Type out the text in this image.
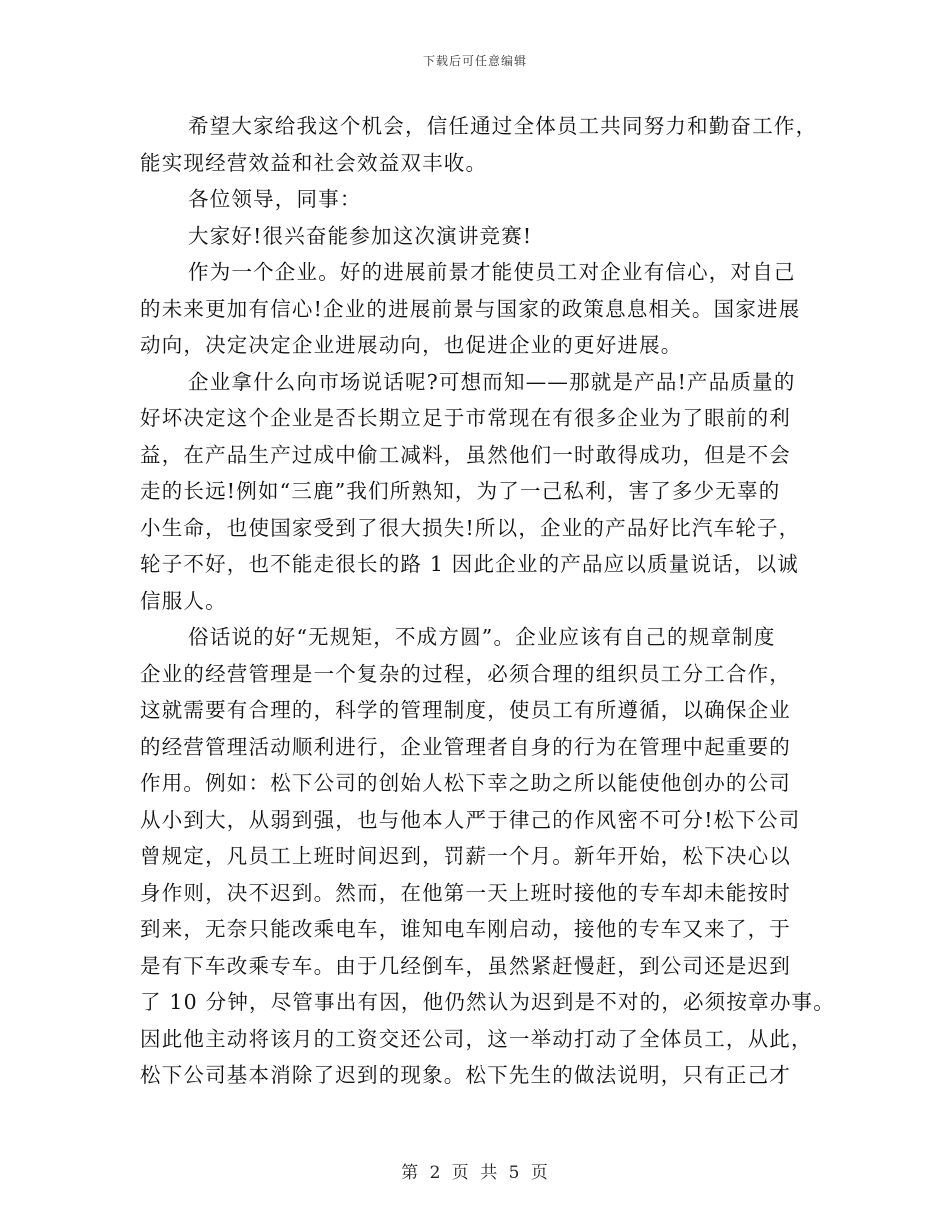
下载后可任意编辑
希望大家给我这个机会，信任通过全体员工共同努力和勤奋工作，
能实现经营效益和社会效益双丰收。
各位领导，同事：
大家好!很兴奋能参加这次演讲竞赛!
作为一个企业。好的进展前景才能使员工对企业有信心，对自己
的未来更加有信心!企业的进展前景与国家的政策息息相关。国家进展
动向，决定决定企业进展动向，也促进企业的更好进展。
企业拿什么向市场说话呢?可想而知——那就是产品!产品质量的
好坏决定这个企业是否长期立足于市常现在有很多企业为了眼前的利
益，在产品生产过成中偷工减料，虽然他们一时敢得成功，但是不会
走的长远!例如“三鹿”我们所熟知，为了一己私利，害了多少无辜的
小生命，也使国家受到了很大损失!所以，企业的产品好比汽车轮子，
轮子不好，也不能走很长的路 1 因此企业的产品应以质量说话，以诚
信服人。
俗话说的好“无规矩，不成方圆”。企业应该有自己的规章制度
企业的经营管理是一个复杂的过程，必须合理的组织员工分工合作，
这就需要有合理的，科学的管理制度，使员工有所遵循，以确保企业
的经营管理活动顺利进行，企业管理者自身的行为在管理中起重要的
作用。例如：松下公司的创始人松下幸之助之所以能使他创办的公司
从小到大，从弱到强，也与他本人严于律己的作风密不可分!松下公司
曾规定，凡员工上班时间迟到，罚薪一个月。新年开始，松下决心以
身作则，决不迟到。然而，在他第一天上班时接他的专车却未能按时
到来，无奈只能改乘电车，谁知电车刚启动，接他的专车又来了，于
是有下车改乘专车。由于几经倒车，虽然紧赶慢赶，到公司还是迟到
了 10 分钟，尽管事出有因，他仍然认为迟到是不对的，必须按章办事。
因此他主动将该月的工资交还公司，这一举动打动了全体员工，从此，
松下公司基本消除了迟到的现象。松下先生的做法说明，只有正己才
第 2 页 共 5 页
